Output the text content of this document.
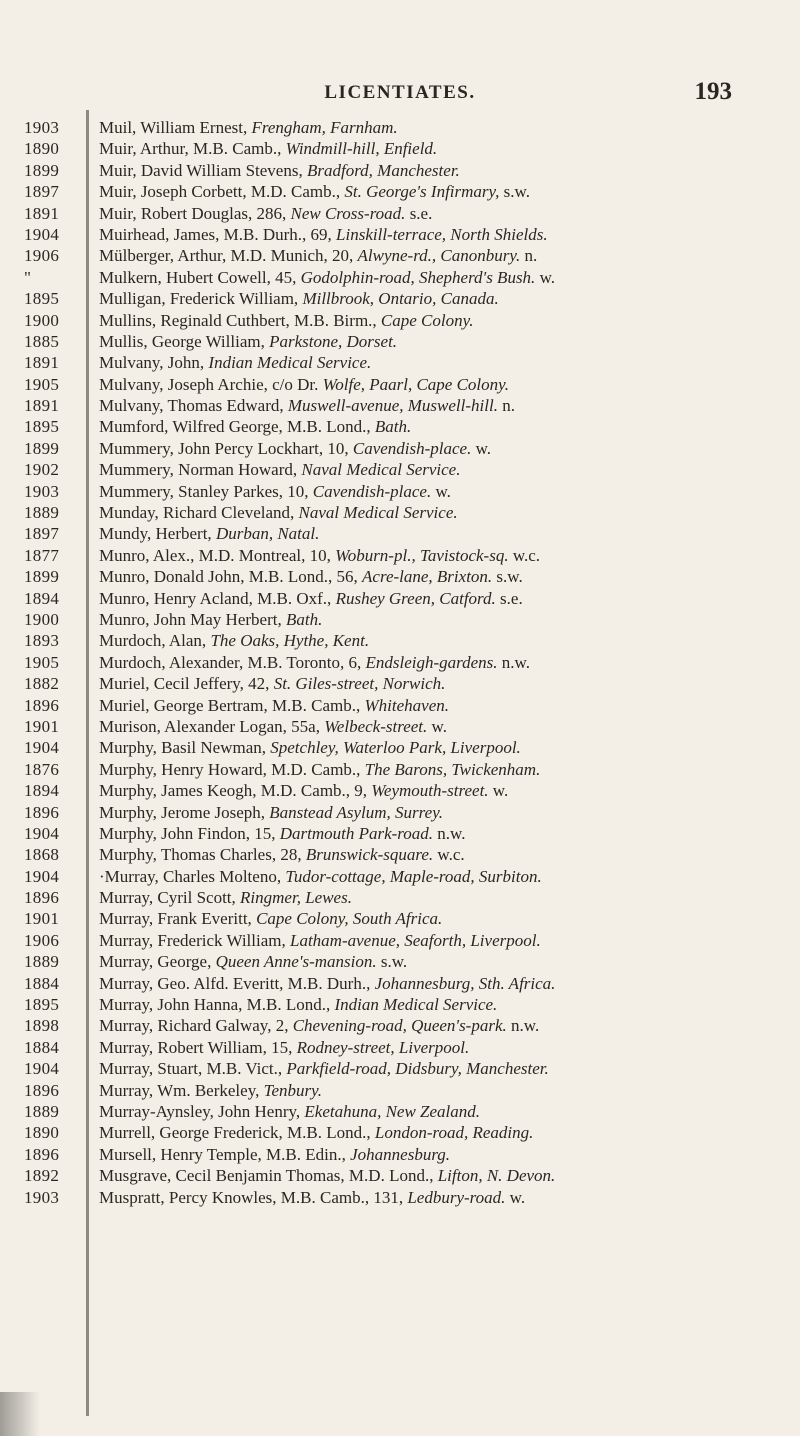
LICENTIATES.	193
1903	Muil, William Ernest, Frengham, Farnham.
1890	Muir, Arthur, M.B. Camb., Windmill-hill, Enfield.
1899	Muir, David William Stevens, Bradford, Manchester.
1897	Muir, Joseph Corbett, M.D. Camb., St. George's Infirmary, s.w.
1891	Muir, Robert Douglas, 286, New Cross-road. s.e.
1904	Muirhead, James, M.B. Durh., 69, Linskill-terrace, North Shields.
1906	Mülberger, Arthur, M.D. Munich, 20, Alwyne-rd., Canonbury. n.
"	Mulkern, Hubert Cowell, 45, Godolphin-road, Shepherd's Bush. w.
1895	Mulligan, Frederick William, Millbrook, Ontario, Canada.
1900	Mullins, Reginald Cuthbert, M.B. Birm., Cape Colony.
1885	Mullis, George William, Parkstone, Dorset.
1891	Mulvany, John, Indian Medical Service.
1905	Mulvany, Joseph Archie, c/o Dr. Wolfe, Paarl, Cape Colony.
1891	Mulvany, Thomas Edward, Muswell-avenue, Muswell-hill. n.
1895	Mumford, Wilfred George, M.B. Lond., Bath.
1899	Mummery, John Percy Lockhart, 10, Cavendish-place. w.
1902	Mummery, Norman Howard, Naval Medical Service.
1903	Mummery, Stanley Parkes, 10, Cavendish-place. w.
1889	Munday, Richard Cleveland, Naval Medical Service.
1897	Mundy, Herbert, Durban, Natal.
1877	Munro, Alex., M.D. Montreal, 10, Woburn-pl., Tavistock-sq. w.c.
1899	Munro, Donald John, M.B. Lond., 56, Acre-lane, Brixton. s.w.
1894	Munro, Henry Acland, M.B. Oxf., Rushey Green, Catford. s.e.
1900	Munro, John May Herbert, Bath.
1893	Murdoch, Alan, The Oaks, Hythe, Kent.
1905	Murdoch, Alexander, M.B. Toronto, 6, Endsleigh-gardens. n.w.
1882	Muriel, Cecil Jeffery, 42, St. Giles-street, Norwich.
1896	Muriel, George Bertram, M.B. Camb., Whitehaven.
1901	Murison, Alexander Logan, 55a, Welbeck-street. w.
1904	Murphy, Basil Newman, Spetchley, Waterloo Park, Liverpool.
1876	Murphy, Henry Howard, M.D. Camb., The Barons, Twickenham.
1894	Murphy, James Keogh, M.D. Camb., 9, Weymouth-street. w.
1896	Murphy, Jerome Joseph, Banstead Asylum, Surrey.
1904	Murphy, John Findon, 15, Dartmouth Park-road. n.w.
1868	Murphy, Thomas Charles, 28, Brunswick-square. w.c.
1904	·Murray, Charles Molteno, Tudor-cottage, Maple-road, Surbiton.
1896	Murray, Cyril Scott, Ringmer, Lewes.
1901	Murray, Frank Everitt, Cape Colony, South Africa.
1906	Murray, Frederick William, Latham-avenue, Seaforth, Liverpool.
1889	Murray, George, Queen Anne's-mansion. s.w.
1884	Murray, Geo. Alfd. Everitt, M.B. Durh., Johannesburg, Sth. Africa.
1895	Murray, John Hanna, M.B. Lond., Indian Medical Service.
1898	Murray, Richard Galway, 2, Chevening-road, Queen's-park. n.w.
1884	Murray, Robert William, 15, Rodney-street, Liverpool.
1904	Murray, Stuart, M.B. Vict., Parkfield-road, Didsbury, Manchester.
1896	Murray, Wm. Berkeley, Tenbury.
1889	Murray-Aynsley, John Henry, Eketahuna, New Zealand.
1890	Murrell, George Frederick, M.B. Lond., London-road, Reading.
1896	Mursell, Henry Temple, M.B. Edin., Johannesburg.
1892	Musgrave, Cecil Benjamin Thomas, M.D. Lond., Lifton, N. Devon.
1903	Muspratt, Percy Knowles, M.B. Camb., 131, Ledbury-road. w.
